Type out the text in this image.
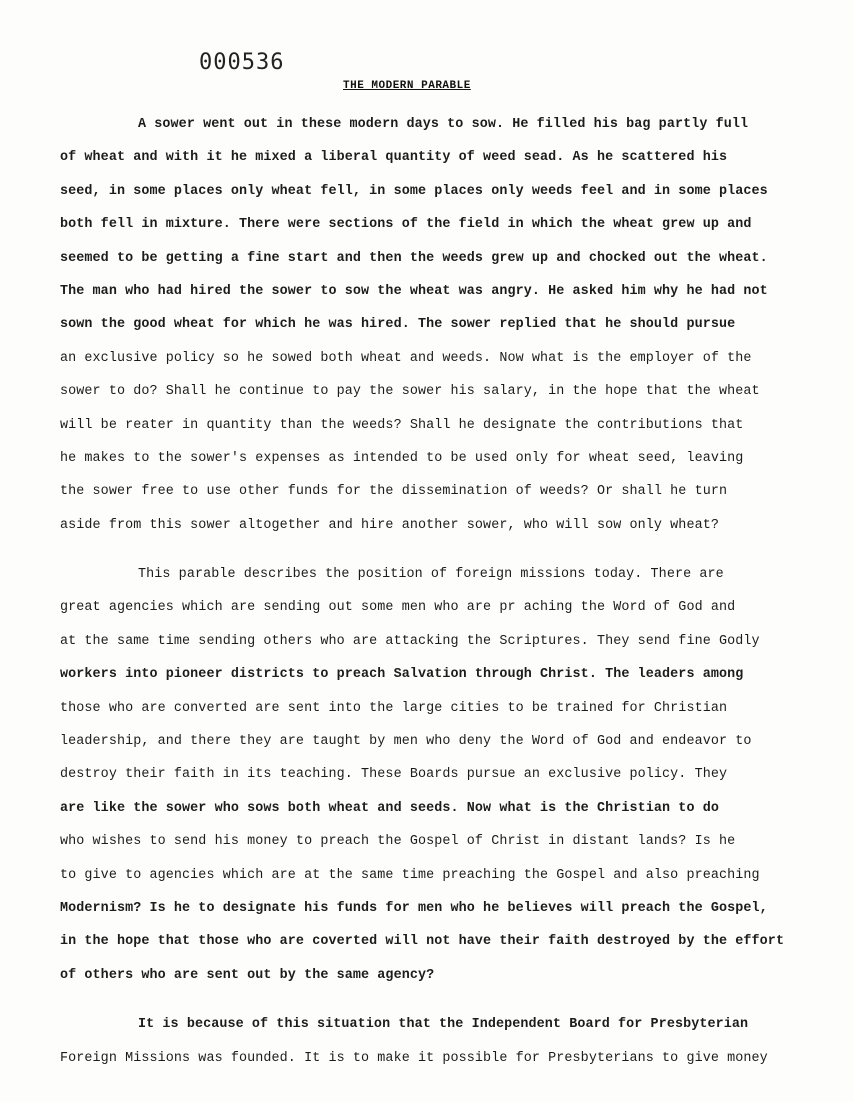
000536
THE MODERN PARABLE
A sower went out in these modern days to sow. He filled his bag partly full
of wheat and with it he mixed a liberal quantity of weed sead. As he scattered his
seed, in some places only wheat fell, in some places only weeds feel and in some places
both fell in mixture. There were sections of the field in which the wheat grew up and
seemed to be getting a fine start and then the weeds grew up and chocked out the wheat.
The man who had hired the sower to sow the wheat was angry. He asked him why he had not
sown the good wheat for which he was hired. The sower replied that he should pursue
an exclusive policy so he sowed both wheat and weeds. Now what is the employer of the
sower to do? Shall he continue to pay the sower his salary, in the hope that the wheat
will be reater in quantity than the weeds? Shall he designate the contributions that
he makes to the sower's expenses as intended to be used only for wheat seed, leaving
the sower free to use other funds for the dissemination of weeds? Or shall he turn
aside from this sower altogether and hire another sower, who will sow only wheat?
This parable describes the position of foreign missions today. There are
great agencies which are sending out some men who are pr aching the Word of God and
at the same time sending others who are attacking the Scriptures. They send fine Godly
workers into pioneer districts to preach Salvation through Christ. The leaders among
those who are converted are sent into the large cities to be trained for Christian
leadership, and there they are taught by men who deny the Word of God and endeavor to
destroy their faith in its teaching. These Boards pursue an exclusive policy. They
are like the sower who sows both wheat and seeds. Now what is the Christian to do
who wishes to send his money to preach the Gospel of Christ in distant lands? Is he
to give to agencies which are at the same time preaching the Gospel and also preaching
Modernism? Is he to designate his funds for men who he believes will preach the Gospel,
in the hope that those who are coverted will not have their faith destroyed by the effort
of others who are sent out by the same agency?
It is because of this situation that the Independent Board for Presbyterian
Foreign Missions was founded. It is to make it possible for Presbyterians to give money
